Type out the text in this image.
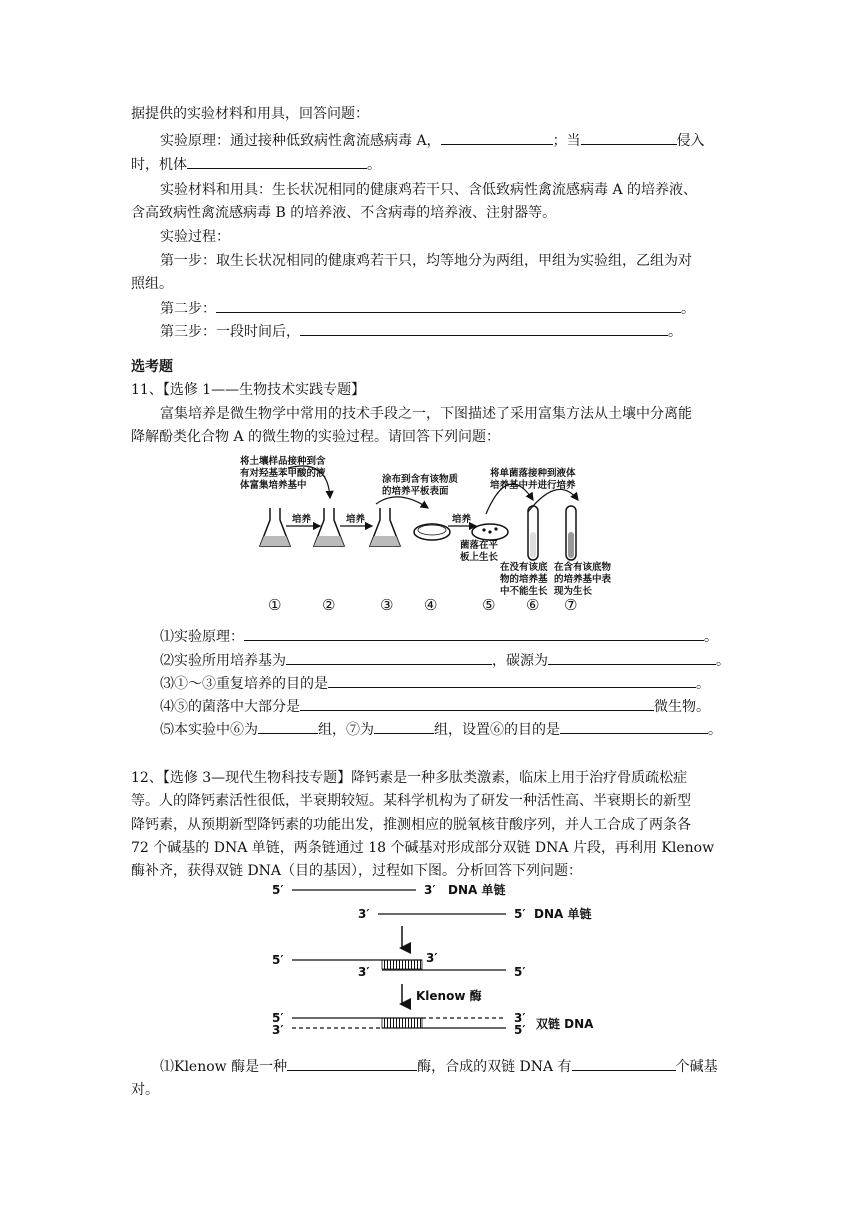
据提供的实验材料和用具，回答问题：
实验原理：通过接种低致病性禽流感病毒 A，	；当	侵入
时，机体	。
实验材料和用具：生长状况相同的健康鸡若干只、含低致病性禽流感病毒 A 的培养液、
含高致病性禽流感病毒 B 的培养液、不含病毒的培养液、注射器等。
实验过程：
第一步：取生长状况相同的健康鸡若干只，均等地分为两组，甲组为实验组，乙组为对
照组。
第二步：	。
第三步：一段时间后，	。
选考题
11、【选修 1——生物技术实践专题】
富集培养是微生物学中常用的技术手段之一，下图描述了采用富集方法从土壤中分离能
降解酚类化合物 A 的微生物的实验过程。请回答下列问题：
将土壤样品接种到含
有对羟基苯甲酸的液
体富集培养基中
涂布到含有该物质
的培养平板表面
将单菌落接种到液体
培养基中并进行培养
培养	培养	培养
菌落在平
板上生长
在没有该底
物的培养基
中不能生长
在含有该底物
的培养基中表
现为生长
①	②	③ ④	⑤ ⑥ ⑦
⑴实验原理：	。
⑵实验所用培养基为	，碳源为	。
⑶①～③重复培养的目的是	。
⑷⑤的菌落中大部分是	微生物。
⑸本实验中⑥为	组，⑦为	组，设置⑥的目的是	。
12、【选修 3—现代生物科技专题】降钙素是一种多肽类激素，临床上用于治疗骨质疏松症
等。人的降钙素活性很低，半衰期较短。某科学机构为了研发一种活性高、半衰期长的新型
降钙素，从预期新型降钙素的功能出发，推测相应的脱氧核苷酸序列，并人工合成了两条各
72 个碱基的 DNA 单链，两条链通过 18 个碱基对形成部分双链 DNA 片段，再利用 Klenow
酶补齐，获得双链 DNA（目的基因），过程如下图。分析回答下列问题：
5′	3′ DNA 单链
3′	5′ DNA 单链
5′	3′
3′	5′
Klenow 酶
5′
3′
3′
5′ 双链 DNA
⑴Klenow 酶是一种	酶，合成的双链 DNA 有	个碱基
对。
